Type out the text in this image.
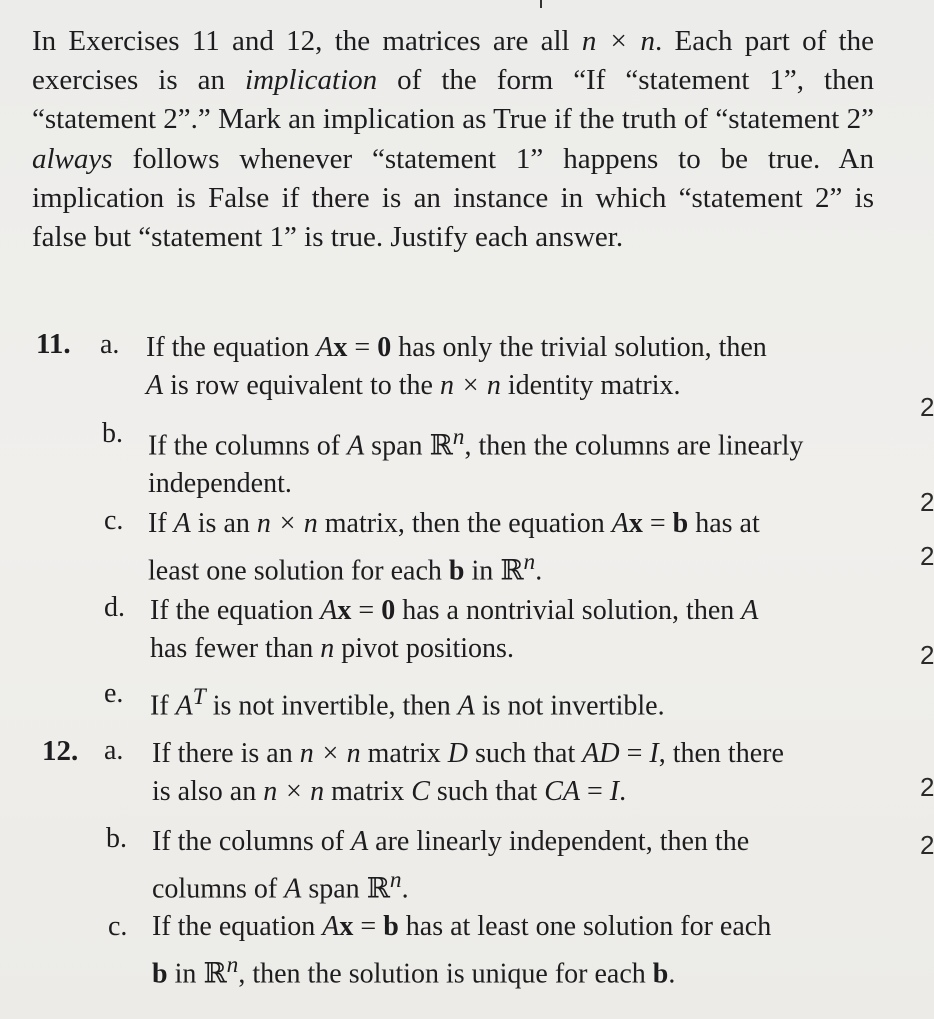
In Exercises 11 and 12, the matrices are all n × n. Each part of the exercises is an implication of the form “If “statement 1”, then “statement 2”.” Mark an implication as True if the truth of “statement 2” always follows whenever “statement 1” happens to be true. An implication is False if there is an instance in which “statement 2” is false but “statement 1” is true. Justify each answer.
11. a. If the equation Ax = 0 has only the trivial solution, then
A is row equivalent to the n × n identity matrix.
b. If the columns of A span ℝ$^n$, then the columns are linearly
independent.
c. If A is an n × n matrix, then the equation Ax = b has at
least one solution for each b in ℝ$^n$.
d. If the equation Ax = 0 has a nontrivial solution, then A
has fewer than n pivot positions.
e. If $A^T$ is not invertible, then A is not invertible.
12. a. If there is an n × n matrix D such that AD = I, then there
is also an n × n matrix C such that CA = I.
b. If the columns of A are linearly independent, then the
columns of A span ℝ$^n$.
c. If the equation Ax = b has at least one solution for each
b in ℝ$^n$, then the solution is unique for each b.
2
2
2
2
2
2
